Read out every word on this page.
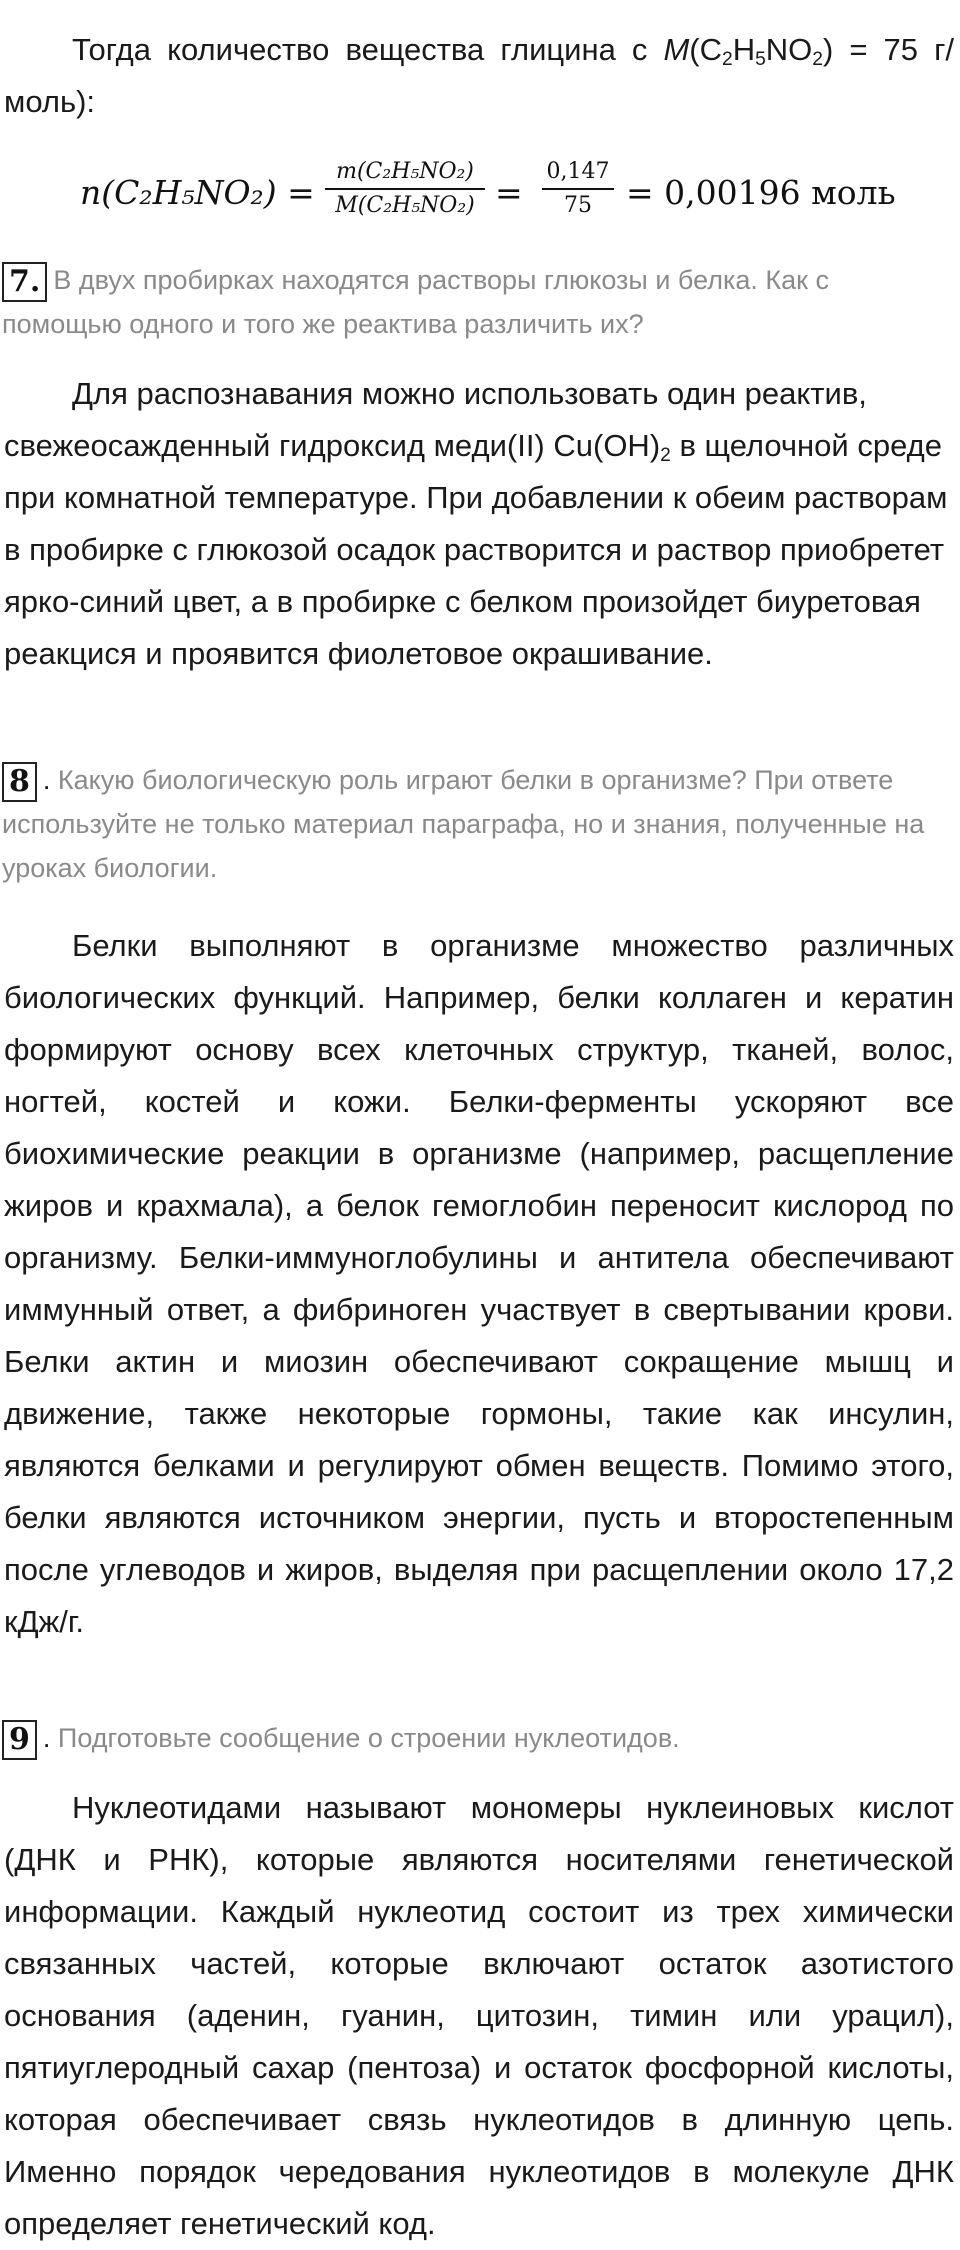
Тогда количество вещества глицина с $M(C_2H_5NO_2) = 75$ г/моль):

n(C₂H₅NO₂) =
m(C₂H₅NO₂)
M(C₂H₅NO₂) =
0,147
75 = 0,00196 моль

7. В двух пробирках находятся растворы глюкозы и белка. Как с помощью одного и того же реактива различить их?

Для распознавания можно использовать один реактив, свежеосажденный гидроксид меди(II) $Cu(OH)_2$ в щелочной среде при комнатной температуре. При добавлении к обеим растворам в пробирке с глюкозой осадок растворится и раствор приобретет ярко-синий цвет, а в пробирке с белком произойдет биуретовая реакцися и проявится фиолетовое окрашивание.

8 . Какую биологическую роль играют белки в организме? При ответе используйте не только материал параграфа, но и знания, полученные на уроках биологии.

Белки выполняют в организме множество различных биологических функций. Например, белки коллаген и кератин формируют основу всех клеточных структур, тканей, волос, ногтей, костей и кожи. Белки-ферменты ускоряют все биохимические реакции в организме (например, расщепление жиров и крахмала), а белок гемоглобин переносит кислород по организму. Белки-иммуноглобулины и антитела обеспечивают иммунный ответ, а фибриноген участвует в свертывании крови. Белки актин и миозин обеспечивают сокращение мышц и движение, также некоторые гормоны, такие как инсулин, являются белками и регулируют обмен веществ. Помимо этого, белки являются источником энергии, пусть и второстепенным после углеводов и жиров, выделяя при расщеплении около 17,2 кДж/г.

9 . Подготовьте сообщение о строении нуклеотидов.

Нуклеотидами называют мономеры нуклеиновых кислот (ДНК и РНК), которые являются носителями генетической информации. Каждый нуклеотид состоит из трех химически связанных частей, которые включают остаток азотистого основания (аденин, гуанин, цитозин, тимин или урацил), пятиуглеродный сахар (пентоза) и остаток фосфорной кислоты, которая обеспечивает связь нуклеотидов в длинную цепь. Именно порядок чередования нуклеотидов в молекуле ДНК определяет генетический код.
